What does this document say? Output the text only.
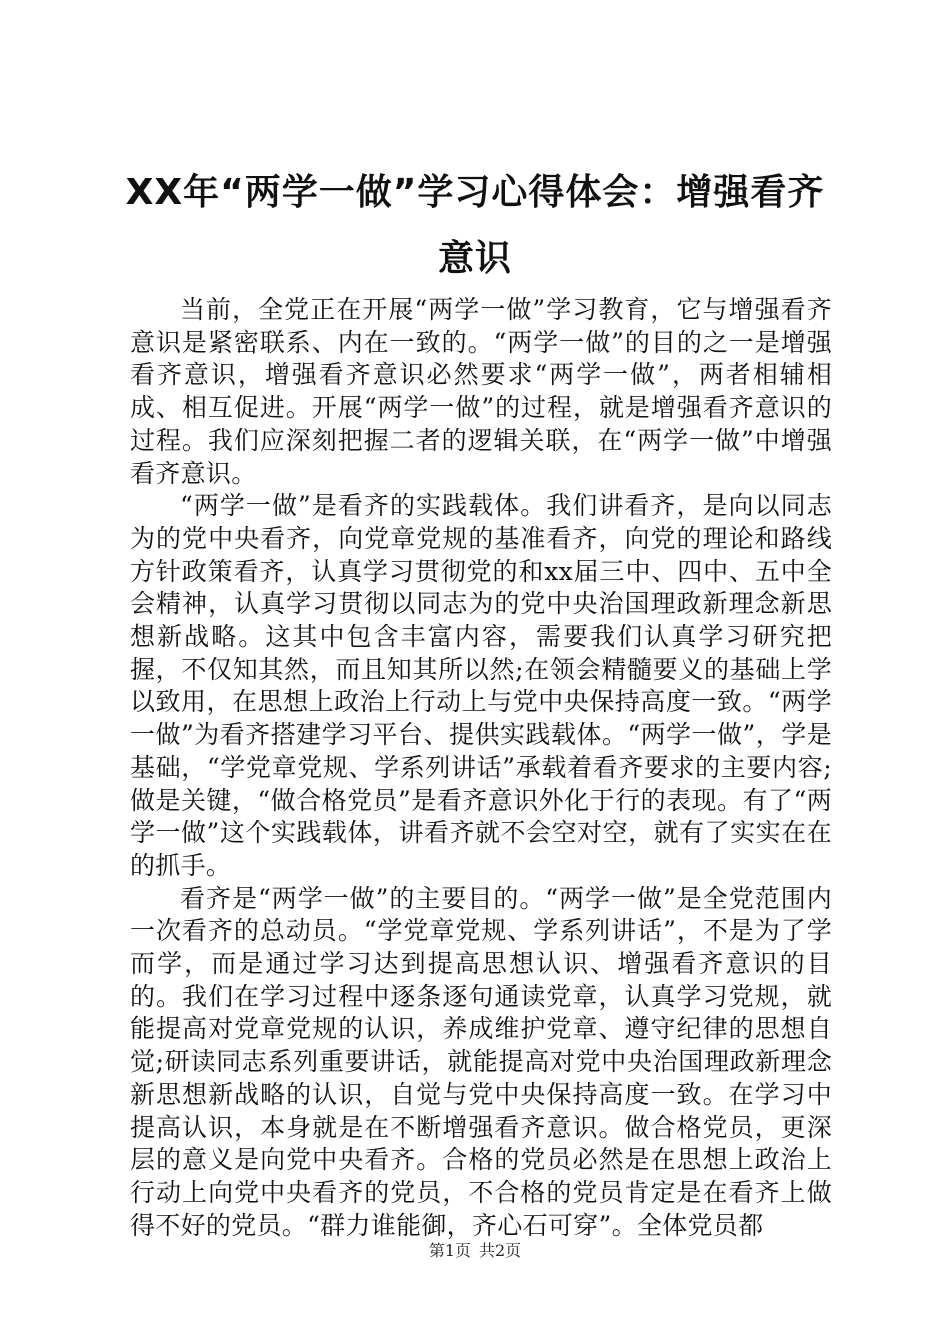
XX年“两学一做”学习心得体会：增强看齐意识

当前，全党正在开展“两学一做”学习教育，它与增强看齐意识是紧密联系、内在一致的。“两学一做”的目的之一是增强看齐意识，增强看齐意识必然要求“两学一做”，两者相辅相成、相互促进。开展“两学一做”的过程，就是增强看齐意识的过程。我们应深刻把握二者的逻辑关联，在“两学一做”中增强看齐意识。

“两学一做”是看齐的实践载体。我们讲看齐，是向以同志为的党中央看齐，向党章党规的基准看齐，向党的理论和路线方针政策看齐，认真学习贯彻党的和xx届三中、四中、五中全会精神，认真学习贯彻以同志为的党中央治国理政新理念新思想新战略。这其中包含丰富内容，需要我们认真学习研究把握，不仅知其然，而且知其所以然;在领会精髓要义的基础上学以致用，在思想上政治上行动上与党中央保持高度一致。“两学一做”为看齐搭建学习平台、提供实践载体。“两学一做”，学是基础，“学党章党规、学系列讲话”承载着看齐要求的主要内容;做是关键，“做合格党员”是看齐意识外化于行的表现。有了“两学一做”这个实践载体，讲看齐就不会空对空，就有了实实在在的抓手。

看齐是“两学一做”的主要目的。“两学一做”是全党范围内一次看齐的总动员。“学党章党规、学系列讲话”，不是为了学而学，而是通过学习达到提高思想认识、增强看齐意识的目的。我们在学习过程中逐条逐句通读党章，认真学习党规，就能提高对党章党规的认识，养成维护党章、遵守纪律的思想自觉;研读同志系列重要讲话，就能提高对党中央治国理政新理念新思想新战略的认识，自觉与党中央保持高度一致。在学习中提高认识，本身就是在不断增强看齐意识。做合格党员，更深层的意义是向党中央看齐。合格的党员必然是在思想上政治上行动上向党中央看齐的党员，不合格的党员肯定是在看齐上做得不好的党员。“群力谁能御，齐心石可穿”。全体党员都

第1页 共2页
